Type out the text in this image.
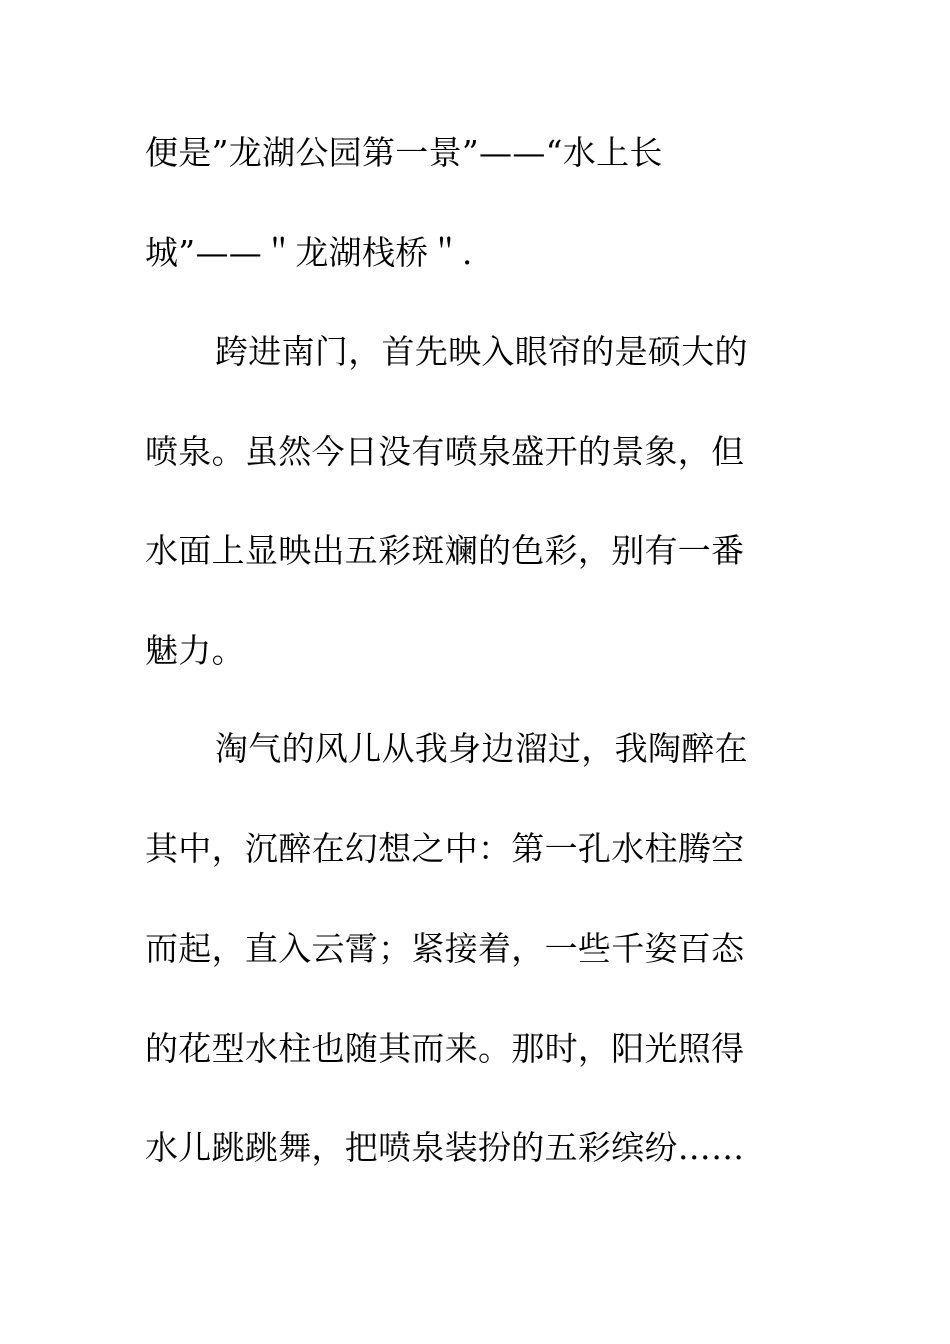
便是”龙湖公园第一景”——“水上长
城”——＂龙湖栈桥＂.
跨进南门，首先映入眼帘的是硕大的
喷泉。虽然今日没有喷泉盛开的景象，但
水面上显映出五彩斑斓的色彩，别有一番
魅力。
淘气的风儿从我身边溜过，我陶醉在
其中，沉醉在幻想之中：第一孔水柱腾空
而起，直入云霄；紧接着，一些千姿百态
的花型水柱也随其而来。那时，阳光照得
水儿跳跳舞，把喷泉装扮的五彩缤纷……
